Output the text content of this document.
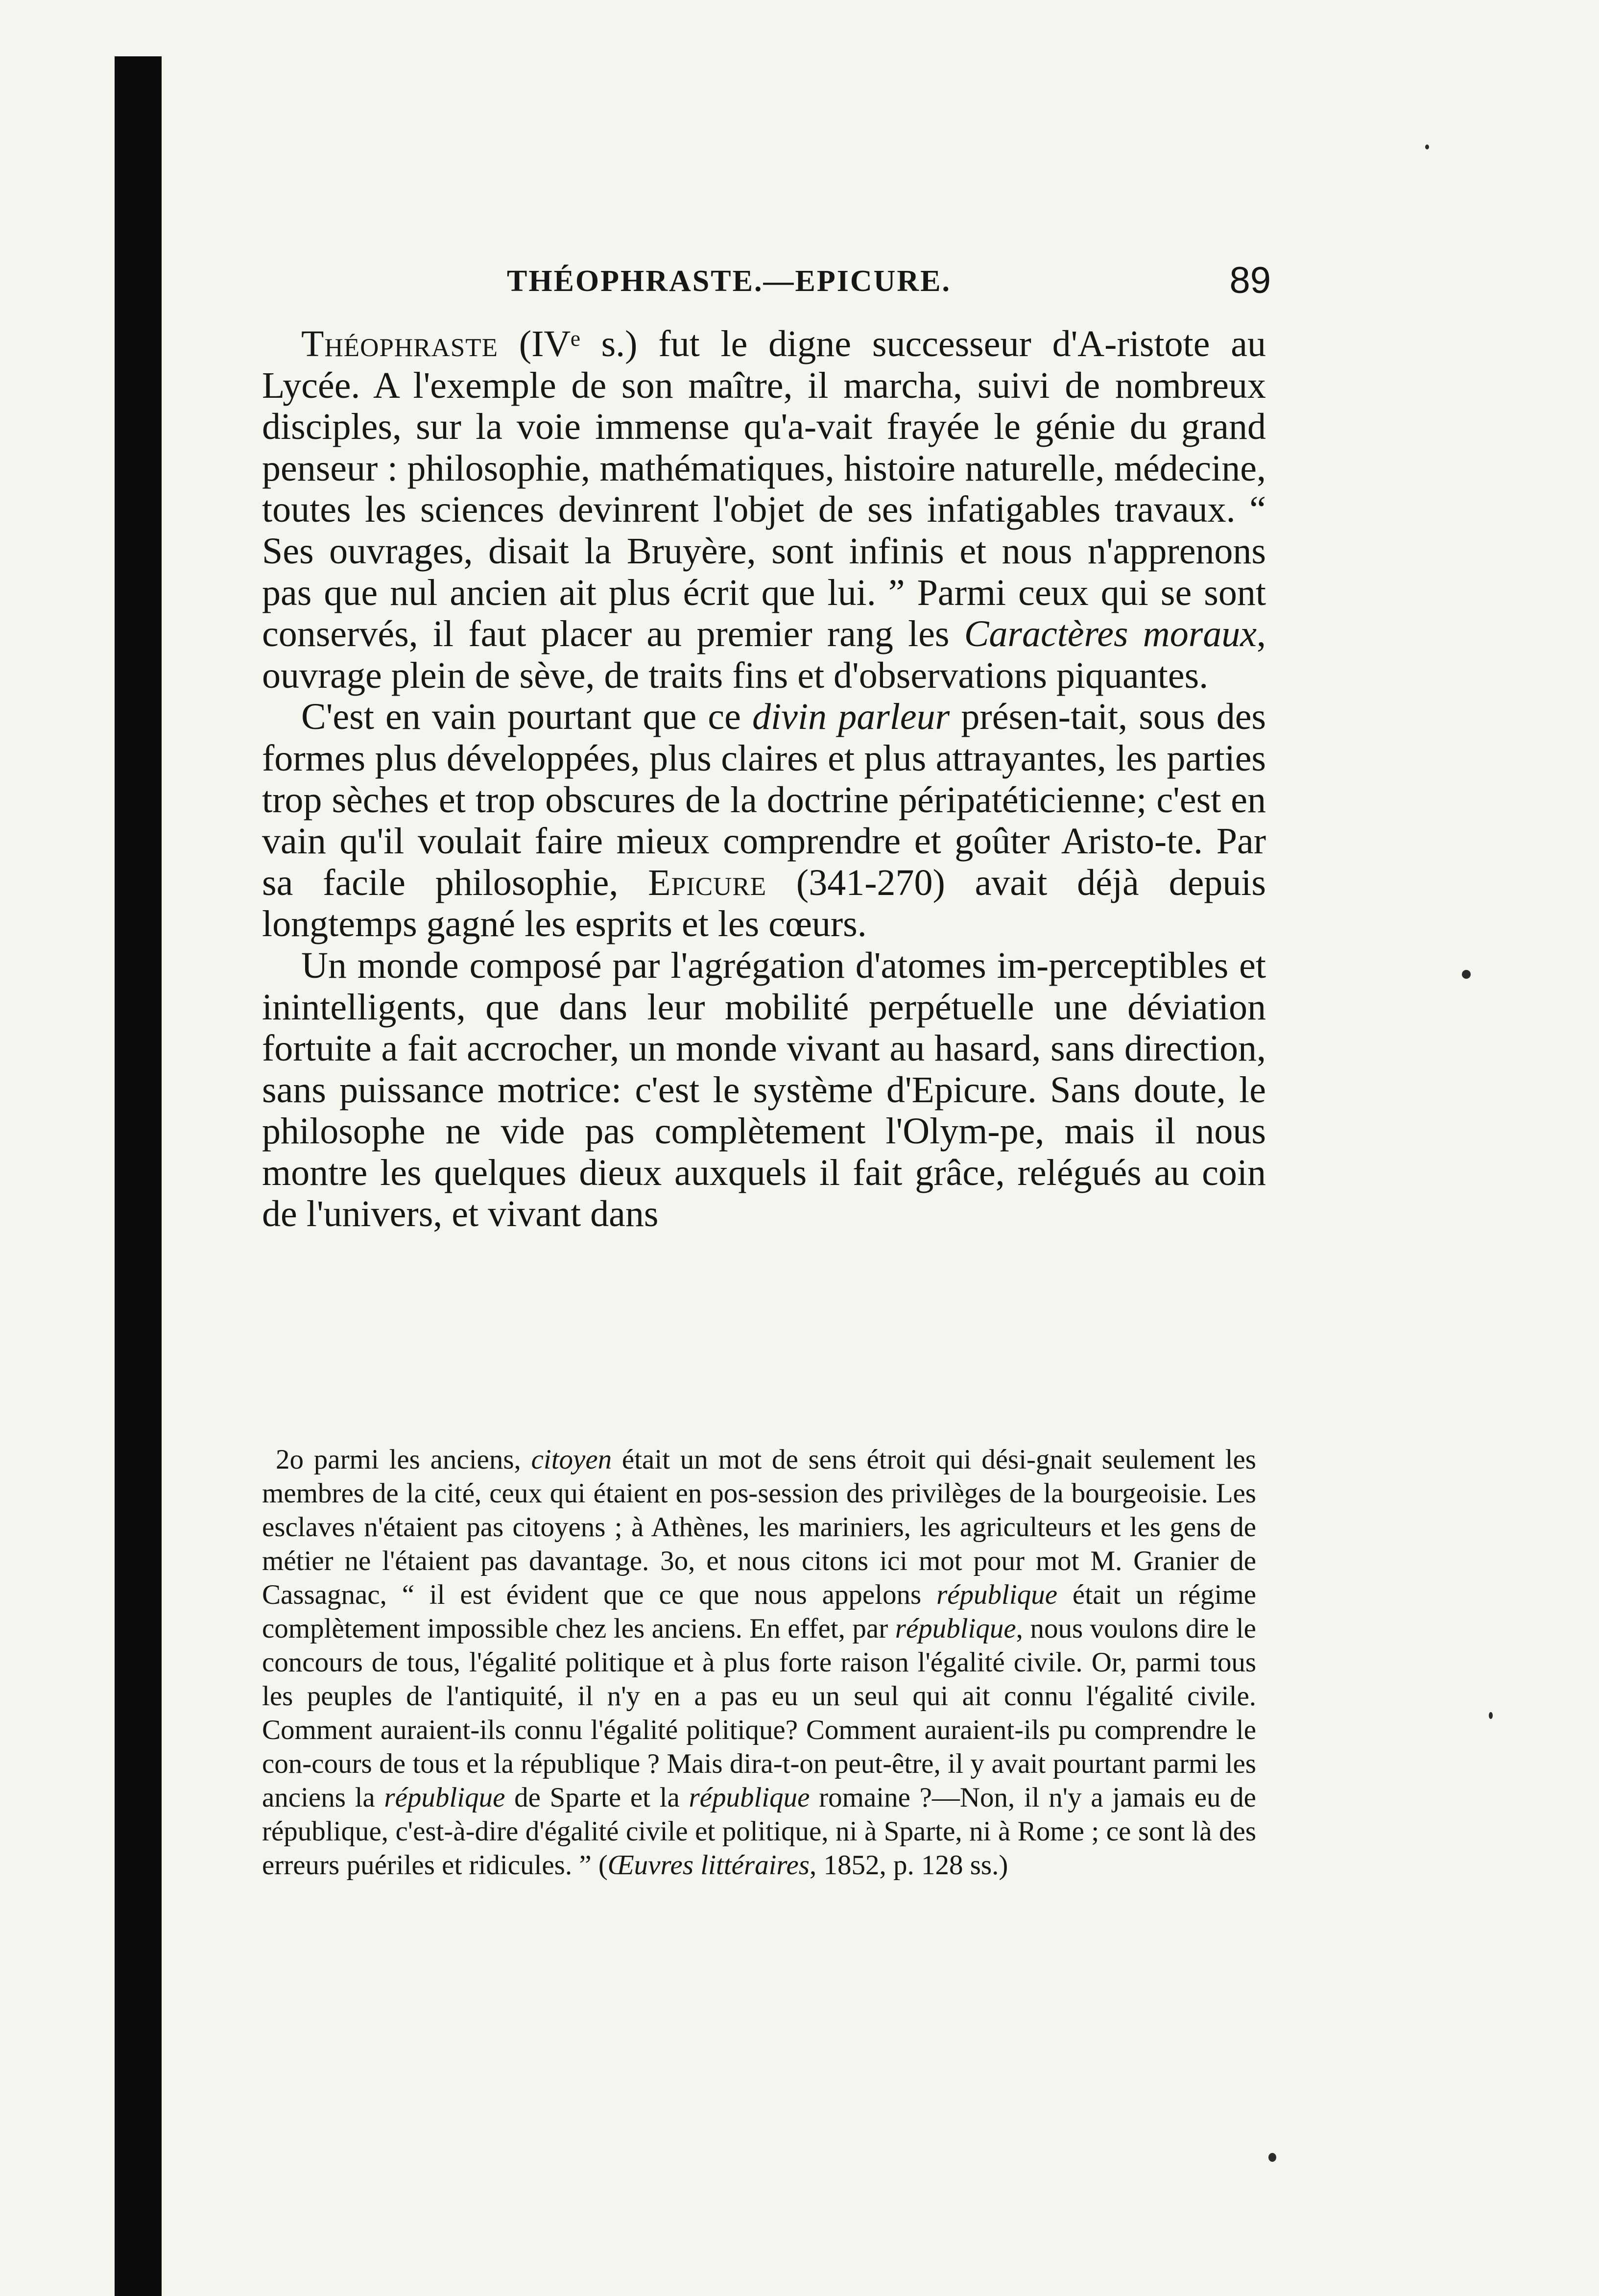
THÉOPHRASTE.—EPICURE.	89

Théophraste (IVᵉ s.) fut le digne successeur d'A-ristote au Lycée. A l'exemple de son maître, il marcha, suivi de nombreux disciples, sur la voie immense qu'a-vait frayée le génie du grand penseur : philosophie, mathématiques, histoire naturelle, médecine, toutes les sciences devinrent l'objet de ses infatigables travaux. “ Ses ouvrages, disait la Bruyère, sont infinis et nous n'apprenons pas que nul ancien ait plus écrit que lui. ” Parmi ceux qui se sont conservés, il faut placer au premier rang les Caractères moraux, ouvrage plein de sève, de traits fins et d'observations piquantes.

C'est en vain pourtant que ce divin parleur présen-tait, sous des formes plus développées, plus claires et plus attrayantes, les parties trop sèches et trop obscures de la doctrine péripatéticienne; c'est en vain qu'il voulait faire mieux comprendre et goûter Aristo-te. Par sa facile philosophie, Epicure (341-270) avait déjà depuis longtemps gagné les esprits et les cœurs.

Un monde composé par l'agrégation d'atomes im-perceptibles et inintelligents, que dans leur mobilité perpétuelle une déviation fortuite a fait accrocher, un monde vivant au hasard, sans direction, sans puissance motrice: c'est le système d'Epicure. Sans doute, le philosophe ne vide pas complètement l'Olym-pe, mais il nous montre les quelques dieux auxquels il fait grâce, relégués au coin de l'univers, et vivant dans

2o parmi les anciens, citoyen était un mot de sens étroit qui dési-gnait seulement les membres de la cité, ceux qui étaient en pos-session des privilèges de la bourgeoisie. Les esclaves n'étaient pas citoyens ; à Athènes, les mariniers, les agriculteurs et les gens de métier ne l'étaient pas davantage. 3o, et nous citons ici mot pour mot M. Granier de Cassagnac, “ il est évident que ce que nous appelons république était un régime complètement impossible chez les anciens. En effet, par république, nous voulons dire le concours de tous, l'égalité politique et à plus forte raison l'égalité civile. Or, parmi tous les peuples de l'antiquité, il n'y en a pas eu un seul qui ait connu l'égalité civile. Comment auraient-ils connu l'égalité politique? Comment auraient-ils pu comprendre le con-cours de tous et la république ? Mais dira-t-on peut-être, il y avait pourtant parmi les anciens la république de Sparte et la république romaine ?—Non, il n'y a jamais eu de république, c'est-à-dire d'égalité civile et politique, ni à Sparte, ni à Rome ; ce sont là des erreurs puériles et ridicules. ” (Œuvres littéraires, 1852, p. 128 ss.)
